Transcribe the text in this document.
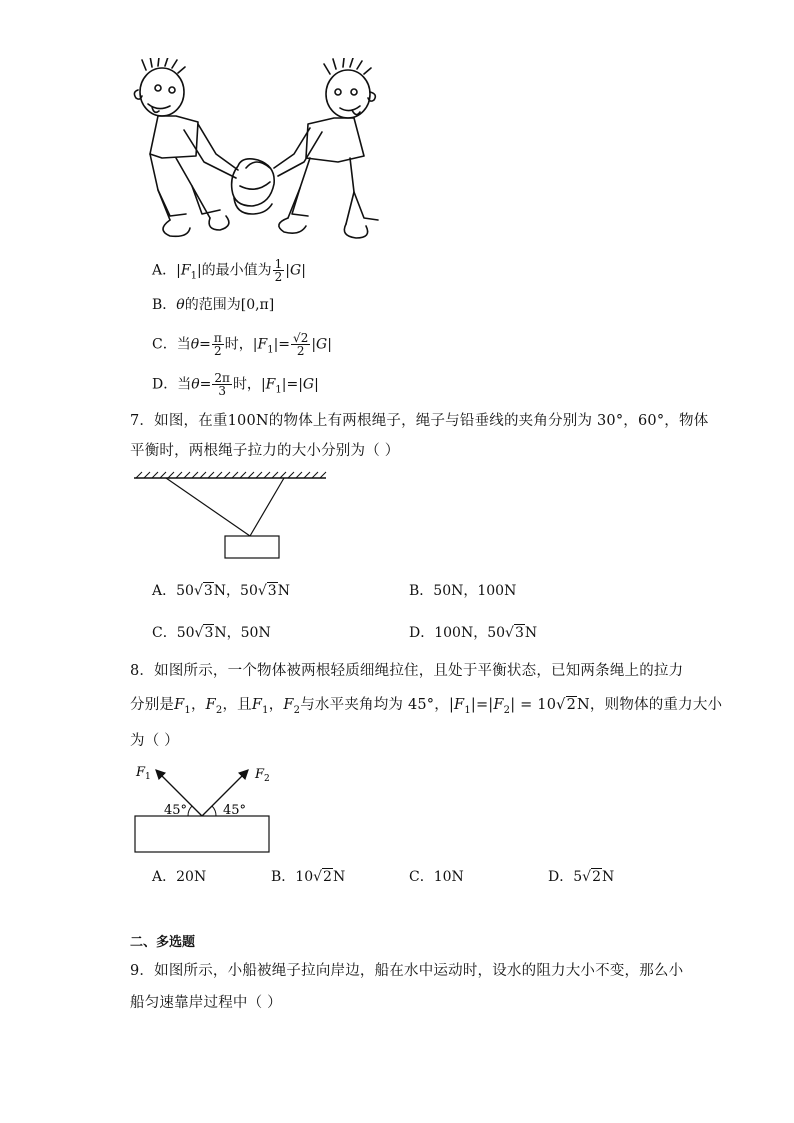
A．$|F_1|$的最小值为 $\frac{1}{2} |G|$
B．θ的范围为[0,π]
C．当$\theta= \frac{\pi}{2}$ 时，$|F_1|= \frac{√2}{2} |G|$
D．当$\theta= \frac{2\pi}{3}$ 时，$|F_1|=|G|$
7．如图，在重100N的物体上有两根绳子，绳子与铅垂线的夹角分别为 30°，60°，物体
平衡时，两根绳子拉力的大小分别为（ ）
A．50√3N，50√3N	B．50N，100N
C．50√3N，50N	D．100N，50√3N
8．如图所示，一个物体被两根轻质细绳拉住，且处于平衡状态，已知两条绳上的拉力
分别是$F_1$，$F_2$，且$F_1$，$F_2$与水平夹角均为 45°，$|F_1|=|F_2| = 10√2N$，则物体的重力大小
为（ ）
F 1	F 2
45°	45°
A．20N	B．10√2N	C．10N	D．5√2N
二、多选题
9．如图所示，小船被绳子拉向岸边，船在水中运动时，设水的阻力大小不变，那么小
船匀速靠岸过程中（ ）
